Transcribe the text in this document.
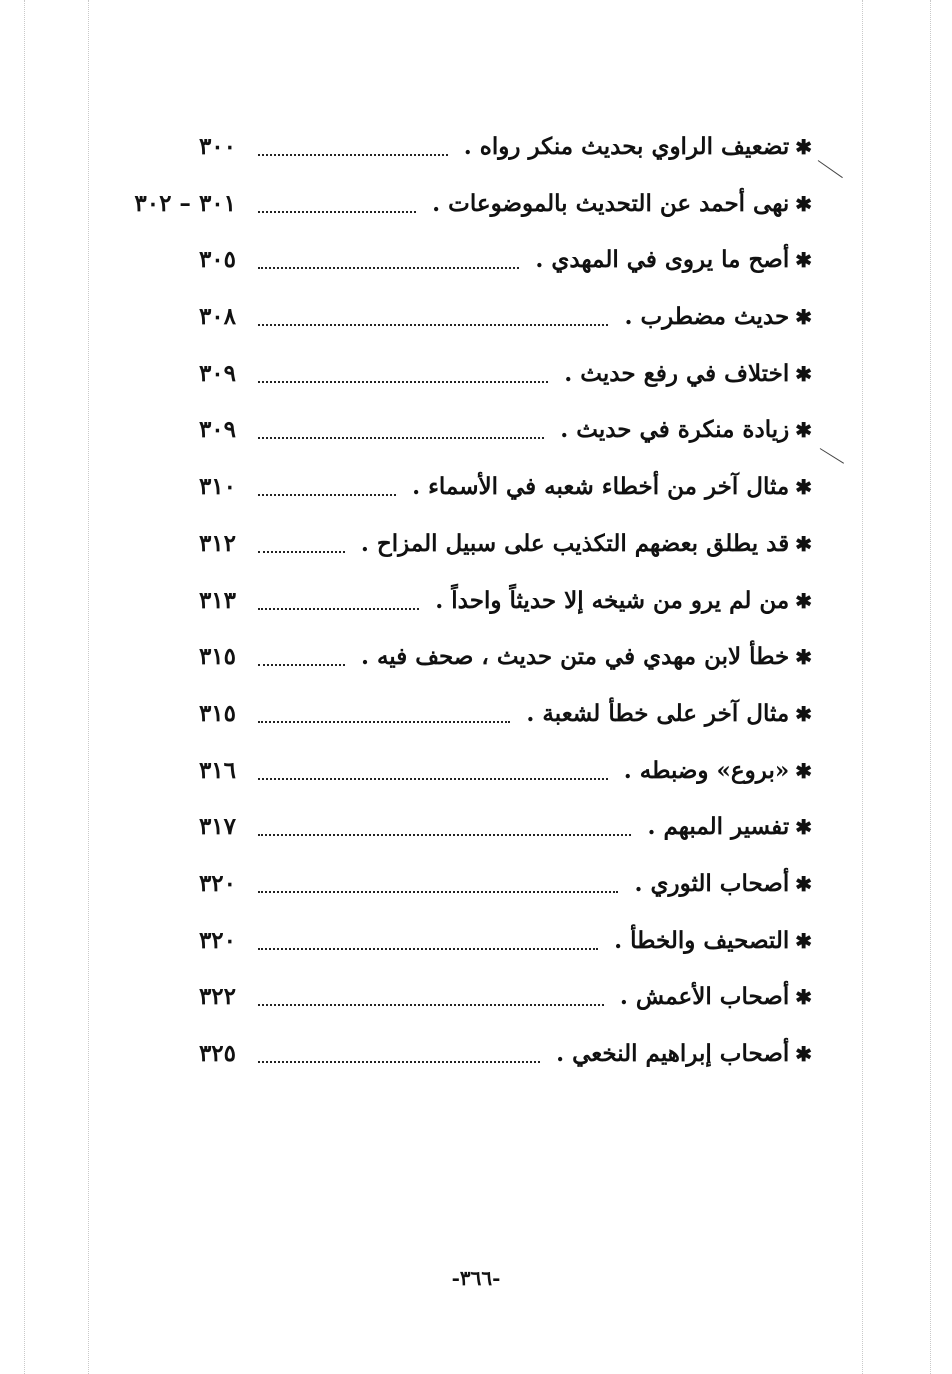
٣٠٠	✱تضعيف الراوي بحديث منكر رواه .
٣٠١ – ٣٠٢	✱نهى أحمد عن التحديث بالموضوعات .
٣٠٥	✱أصح ما يروى في المهدي .
٣٠٨	✱حديث مضطرب .
٣٠٩	✱اختلاف في رفع حديث .
٣٠٩	✱زيادة منكرة في حديث .
٣١٠	✱مثال آخر من أخطاء شعبه في الأسماء .
٣١٢	✱قد يطلق بعضهم التكذيب على سبيل المزاح .
٣١٣	✱من لم يرو من شيخه إلا حديثاً واحداً .
٣١٥	✱خطأ لابن مهدي في متن حديث ، صحف فيه .
٣١٥	✱مثال آخر على خطأ لشعبة .
٣١٦	✱«بروع» وضبطه .
٣١٧	✱تفسير المبهم .
٣٢٠	✱أصحاب الثوري .
٣٢٠	✱التصحيف والخطأ .
٣٢٢	✱أصحاب الأعمش .
٣٢٥	✱أصحاب إبراهيم النخعي .
-٣٦٦-
